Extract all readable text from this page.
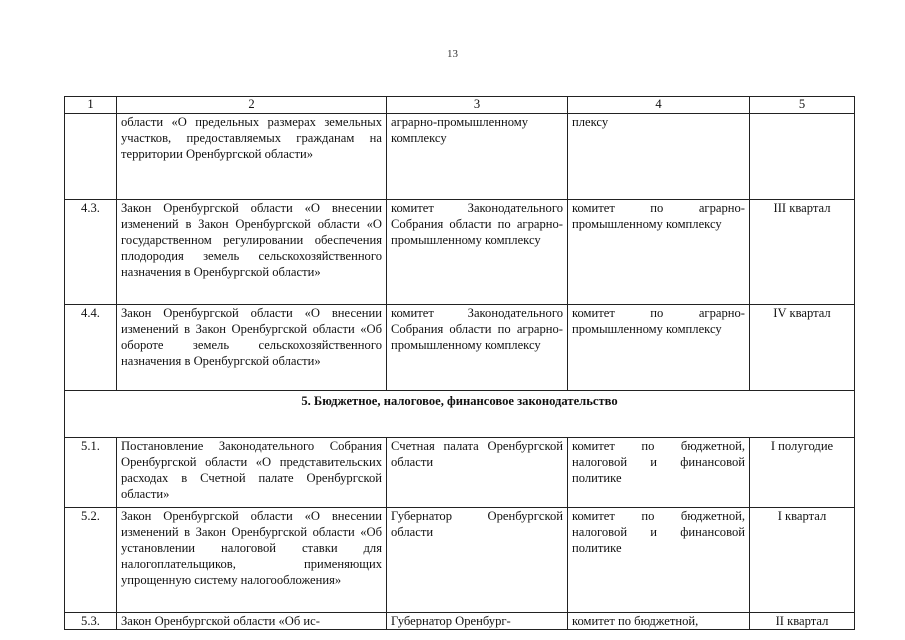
13
1	2	3	4	5
	области «О предельных размерах земельных участков, предоставляемых гражданам на территории Оренбургской области»	аграрно-промышленному комплексу	плексу	
4.3.	Закон Оренбургской области «О внесении изменений в Закон Оренбургской области «О государственном регулировании обеспечения плодородия земель сельскохозяйственного назначения в Оренбургской области»	комитет Законодательного Собрания области по аграрно-промышленному комплексу	комитет по аграрно-промышленному комплексу	III квартал
4.4.	Закон Оренбургской области «О внесении изменений в Закон Оренбургской области «Об обороте земель сельскохозяйственного назначения в Оренбургской области»	комитет Законодательного Собрания области по аграрно-промышленному комплексу	комитет по аграрно-промышленному комплексу	IV квартал
5. Бюджетное, налоговое, финансовое законодательство				
5.1.	Постановление Законодательного Собрания Оренбургской области «О представительских расходах в Счетной палате Оренбургской области»	Счетная палата Оренбургской области	комитет по бюджетной, налоговой и финансовой политике	I полугодие
5.2.	Закон Оренбургской области «О внесении изменений в Закон Оренбургской области «Об установлении налоговой ставки для налогоплательщиков, применяющих упрощенную систему налогообложения»	Губернатор Оренбургской области	комитет по бюджетной, налоговой и финансовой политике	I квартал
5.3.	Закон Оренбургской области «Об ис-	Губернатор Оренбург-	комитет по бюджетной,	II квартал
